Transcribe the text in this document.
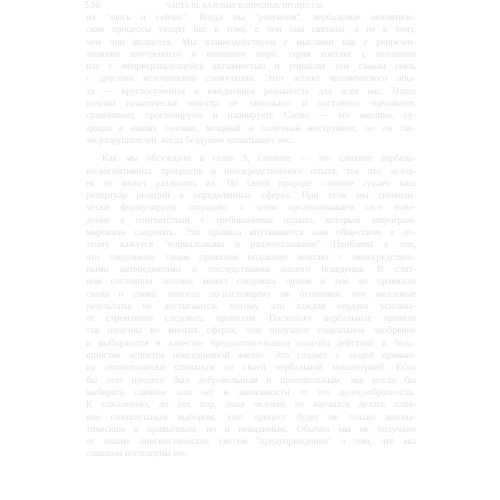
336	ЧАСТЬ III. БАЗОВЫЕ КЛЮЧЕВЫЕ ПРОЦЕССЫ

на "здесь и сейчас". Когда мы "разумеем", вербальные аналитиче-
ские процессы уводят нас в тому, с чем они связаны, а не к тому,
чем они являются. Мы взаимодействуем с мыслями как с репрезен-
тациями внутреннего и внешнего мира, теряя контакт с миганием
нас с непрекращающейся активностью и управляя тем самым связь
с другими источниками стимуляции. Этот аспект человеческого опы-
та — круглосуточная и ежедневная реальность для всех нас. Наши
разумы практически никогда не замолкают и постоянно оценивают,
сравнивают, прогнозируют и планируют. Слово — это машина, гу-
дящая в наших головах, мощный и полезный инструмент, но он так-
же разрушителен, когда бездумно захватывает нас.

Как мы обсуждали в главе 3, слияние — это слияние вербаль-
но-когнитивных процессов и непосредственного опыта, так что челов-
ек не может различить их. По своей природе слияние сужает наш
репертуар реакций в определенных сферах. При этом мы символи-
чески формулируем ситуацию, а затем организовываем свое пове-
дение в соответствии с требованиями правил, которым запрограм-
мировали следовать. Эти правила впутываются нам обществом и по-
этому кажутся "нормальными и рациональными". Проблема в том,
что следование таким правилам подавляет контакт с непосредствен-
ными антецедентами и последствиями нашего поведения. В слит-
ном состоянии человек может следовать одним и тем же правилам
снова и снова, никогда по-настоящему не осознавая, что желаемые
результаты не достигаются, потому что каждая неудача усилива-
ет стремление следовать правилам. Поскольку вербальные правила
так полезны во многих сферах, они получают социальное одобрение
и выбираются в качестве предпочтительного способа действий в боль-
шинстве аспектов повседневной жизни. Это создает у людей привыч-
ку автоматически сливаться со своей вербальной машинерией. Если
бы этот процесс был добровольным и произвольным, мы могли бы
выбирать слияние или нет в зависимости от его целесообразности.
К сожалению, до тех пор, пока человек не научится делать слия-
ние сознательным выбором, этот процесс будет не только автома-
тическим и привычным, но и невидимым. Обычно мы не получаем
от наших лингвистических систем "предупреждения" о том, что мы
слишком поглощены ею.
